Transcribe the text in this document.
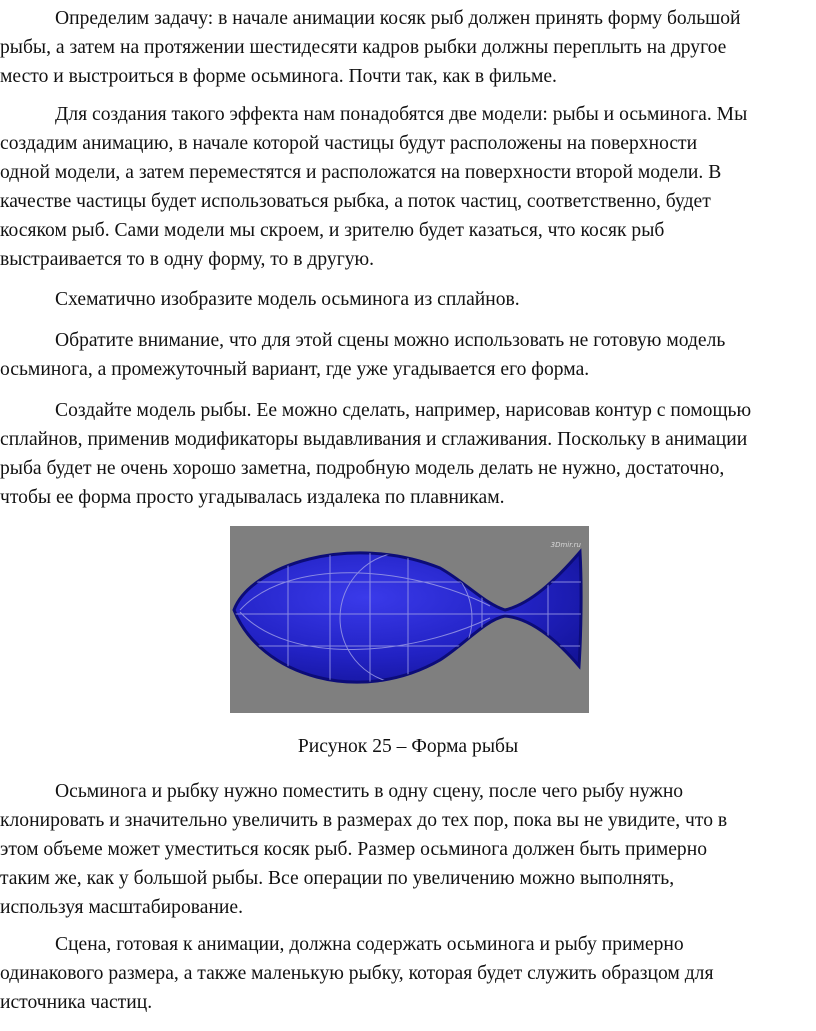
Определим задачу: в начале анимации косяк рыб должен принять форму большой
рыбы, а затем на протяжении шестидесяти кадров рыбки должны переплыть на другое
место и выстроиться в форме осьминога. Почти так, как в фильме.
Для создания такого эффекта нам понадобятся две модели: рыбы и осьминога. Мы
создадим анимацию, в начале которой частицы будут расположены на поверхности
одной модели, а затем переместятся и расположатся на поверхности второй модели. В
качестве частицы будет использоваться рыбка, а поток частиц, соответственно, будет
косяком рыб. Сами модели мы скроем, и зрителю будет казаться, что косяк рыб
выстраивается то в одну форму, то в другую.
Схематично изобразите модель осьминога из сплайнов.
Обратите внимание, что для этой сцены можно использовать не готовую модель
осьминога, а промежуточный вариант, где уже угадывается его форма.
Создайте модель рыбы. Ее можно сделать, например, нарисовав контур с помощью
сплайнов, применив модификаторы выдавливания и сглаживания. Поскольку в анимации
рыба будет не очень хорошо заметна, подробную модель делать не нужно, достаточно,
чтобы ее форма просто угадывалась издалека по плавникам.
3Dmir.ru
Рисунок 25 – Форма рыбы
Осьминога и рыбку нужно поместить в одну сцену, после чего рыбу нужно
клонировать и значительно увеличить в размерах до тех пор, пока вы не увидите, что в
этом объеме может уместиться косяк рыб. Размер осьминога должен быть примерно
таким же, как у большой рыбы. Все операции по увеличению можно выполнять,
используя масштабирование.
Сцена, готовая к анимации, должна содержать осьминога и рыбу примерно
одинакового размера, а также маленькую рыбку, которая будет служить образцом для
источника частиц.
